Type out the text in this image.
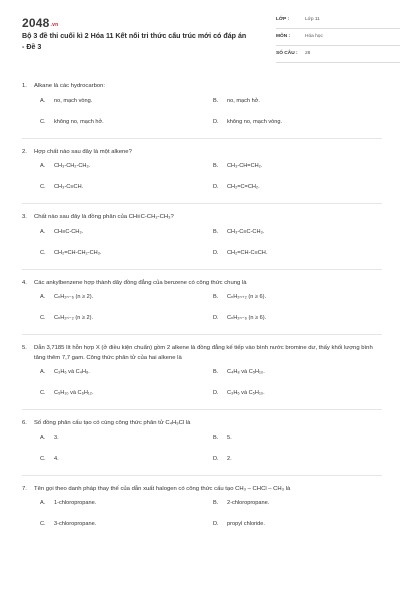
2048.vn
Bộ 3 đề thi cuối kì 2 Hóa 11 Kết nối tri thức cấu trúc mới có đáp án - Đề 3
LỚP :	Lớp 11
MÔN :	Hóa học
SỐ CÂU : 28
1. Alkane là các hydrocarbon:
A. no, mạch vòng.	B. no, mạch hở.
C. không no, mạch hở.	D. không no, mạch vòng.
2. Hợp chất nào sau đây là một alkene?
A. CH₃-CH₂-CH₃.	B. CH₃-CH=CH₂.
C. CH₃-C≡CH.	D. CH₂=C=CH₂.
3. Chất nào sau đây là đồng phân của CH≡C-CH₂-CH₃?
A. CH≡C-CH₃.	B. CH₃-C≡C-CH₃.
C. CH₂=CH-CH₂-CH₃.	D. CH₂=CH-C≡CH.
4. Các ankylbenzene hợp thành dãy đồng đẳng của benzene có công thức chung là
A. CₙH₂ₙ₋₆ (n ≥ 2).	B. CₙH₂ₙ₊₂ (n ≥ 6).
C. CₙH₂ₙ₋₂ (n ≥ 2).	D. CₙH₂ₙ₋₆ (n ≥ 6).
5. Dẫn 3,7185 lít hỗn hợp X (ở điều kiện chuẩn) gồm 2 alkene là đồng đẳng kế tiếp vào bình nước bromine dư, thấy khối lượng bình tăng thêm 7,7 gam. Công thức phân tử của hai alkene là
A. C₃H₆ và C₄H₈.	B. C₄H₈ và C₅H₁₀.
C. C₅H₁₀ và C₆H₁₂.	D. C₃H₆ và C₅H₁₀.
6. Số đồng phân cấu tạo có cùng công thức phân tử C₄H₉Cl là
A. 3.	B. 5.
C. 4.	D. 2.
7. Tên gọi theo danh pháp thay thế của dẫn xuất halogen có công thức cấu tạo CH₃ – CHCl – CH₃ là
A. 1-chloropropane.	B. 2-chloropropane.
C. 3-chloropropane.	D. propyl chloride.
